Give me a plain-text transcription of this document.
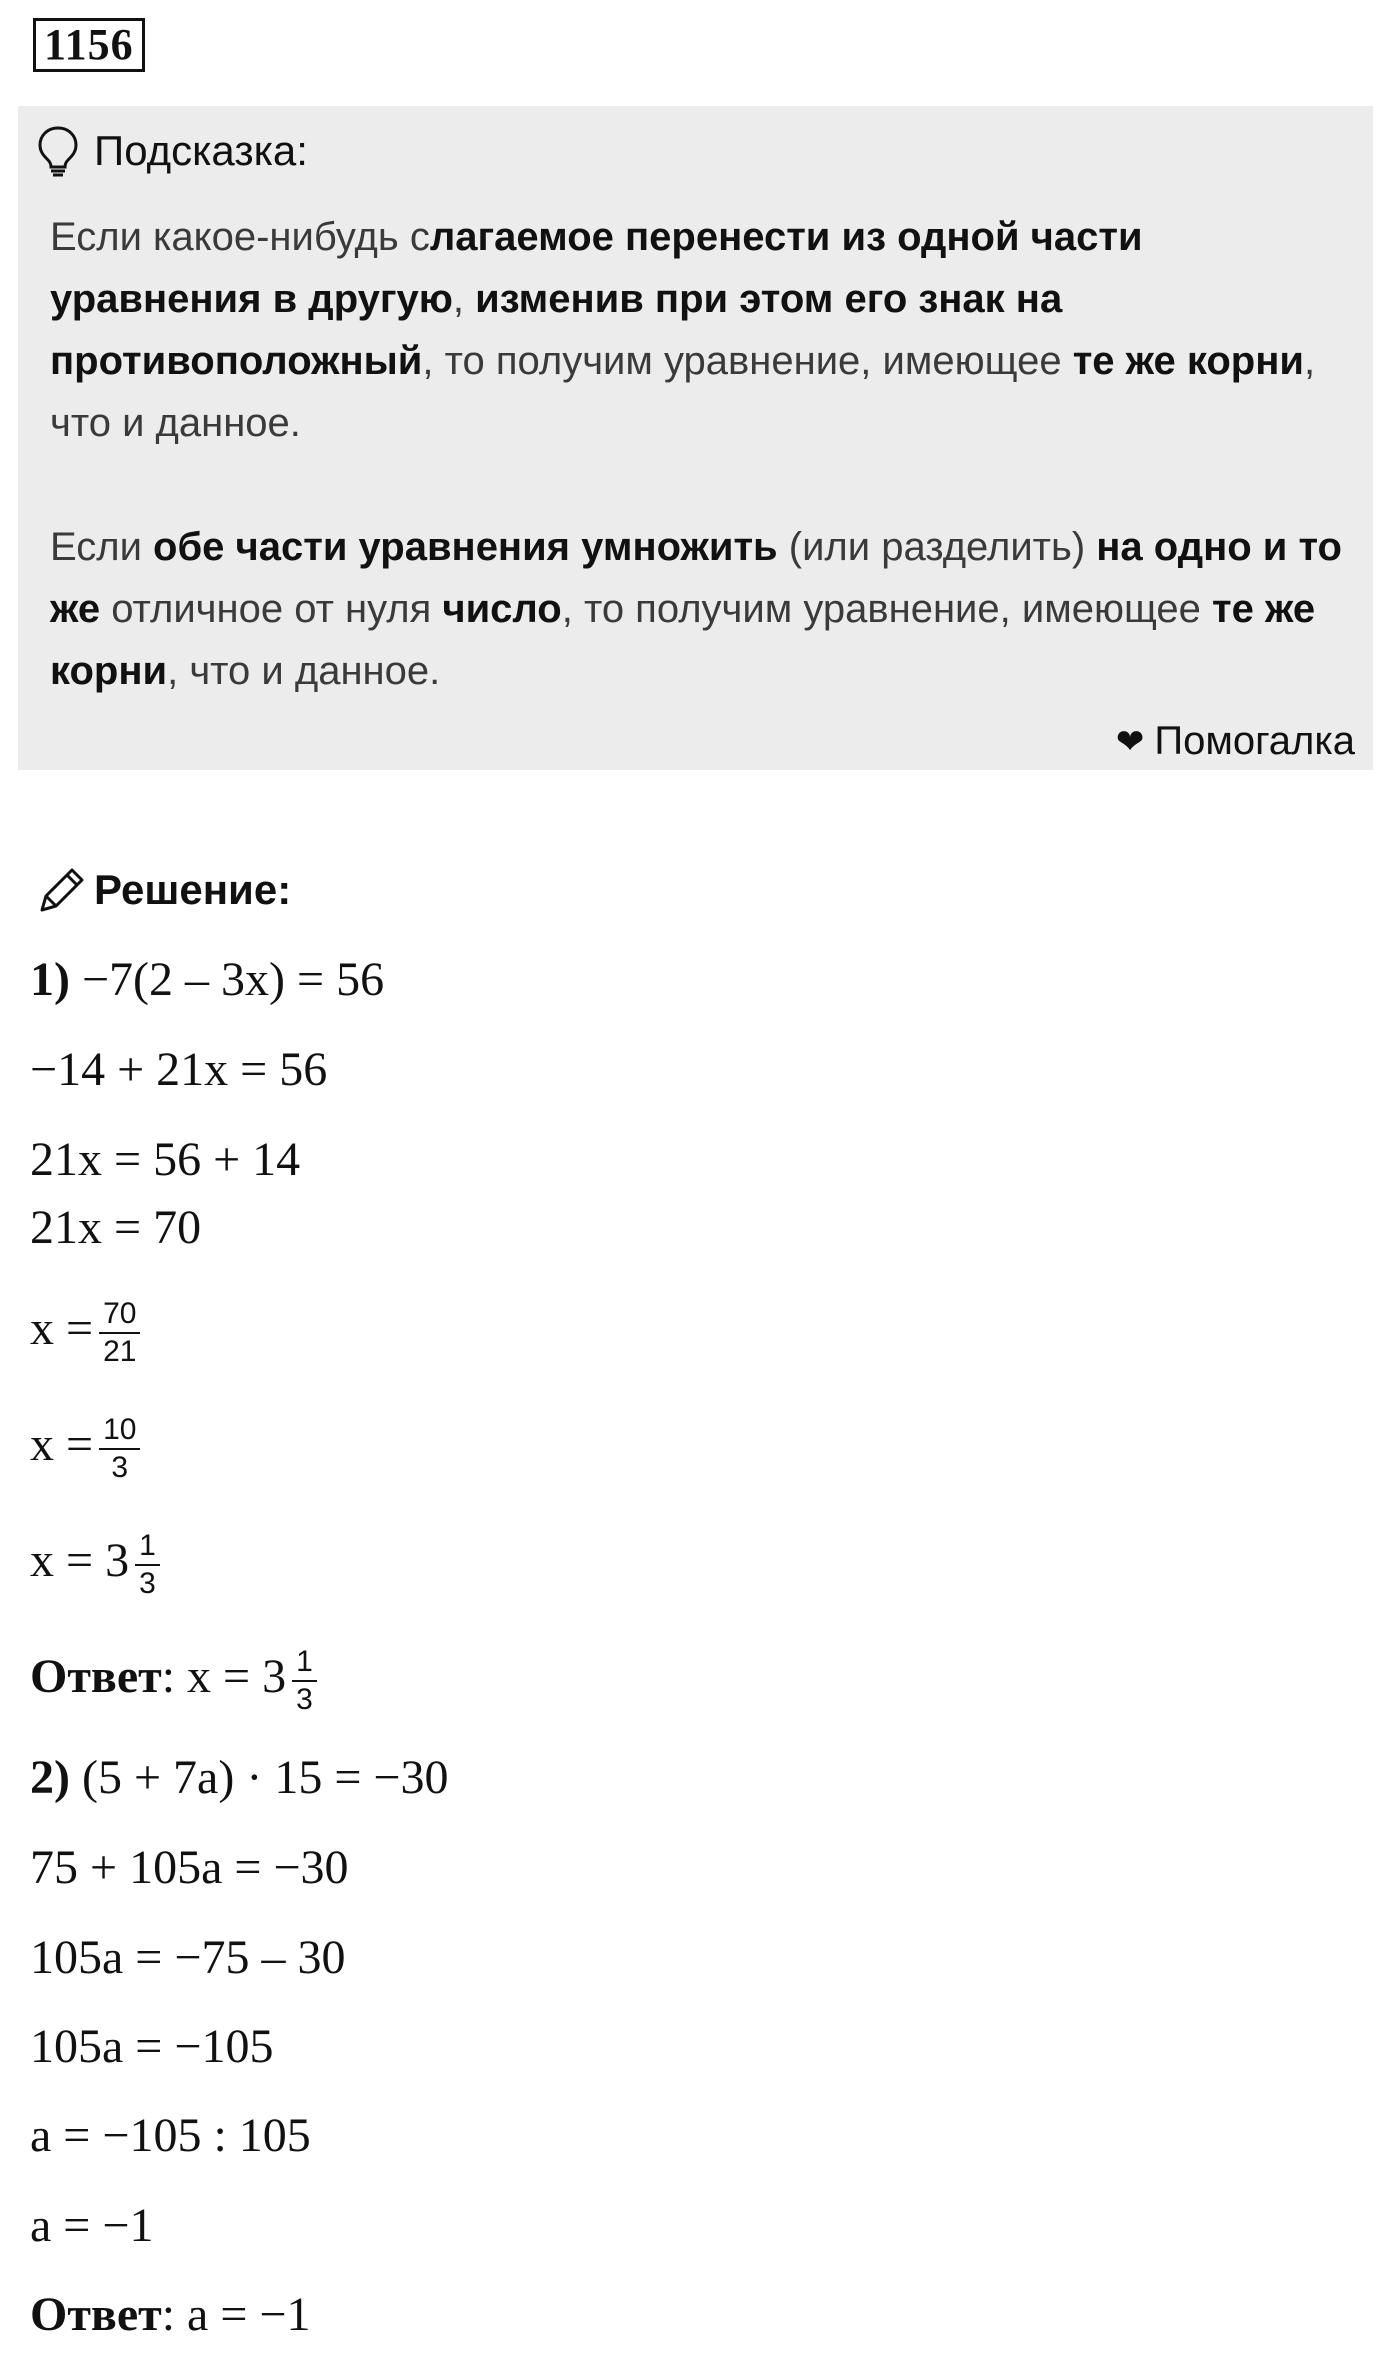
1156
Подсказка:
Если какое-нибудь слагаемое перенести из одной части уравнения в другую, изменив при этом его знак на противоположный, то получим уравнение, имеющее те же корни, что и данное.
Если обе части уравнения умножить (или разделить) на одно и то же отличное от нуля число, то получим уравнение, имеющее те же корни, что и данное.
❤ Помогалка
Решение:
1) −7(2 – 3x) = 56
−14 + 21x = 56
21x = 56 + 14
21x = 70
$x = \frac{70}{21}$
$x = \frac{10}{3}$
$x = 3 \frac{1}{3}$
Ответ: $x = 3 \frac{1}{3}$
2) (5 + 7a) · 15 = −30
75 + 105a = −30
105a = −75 – 30
105a = −105
a = −105 : 105
a = −1
Ответ: a = −1
